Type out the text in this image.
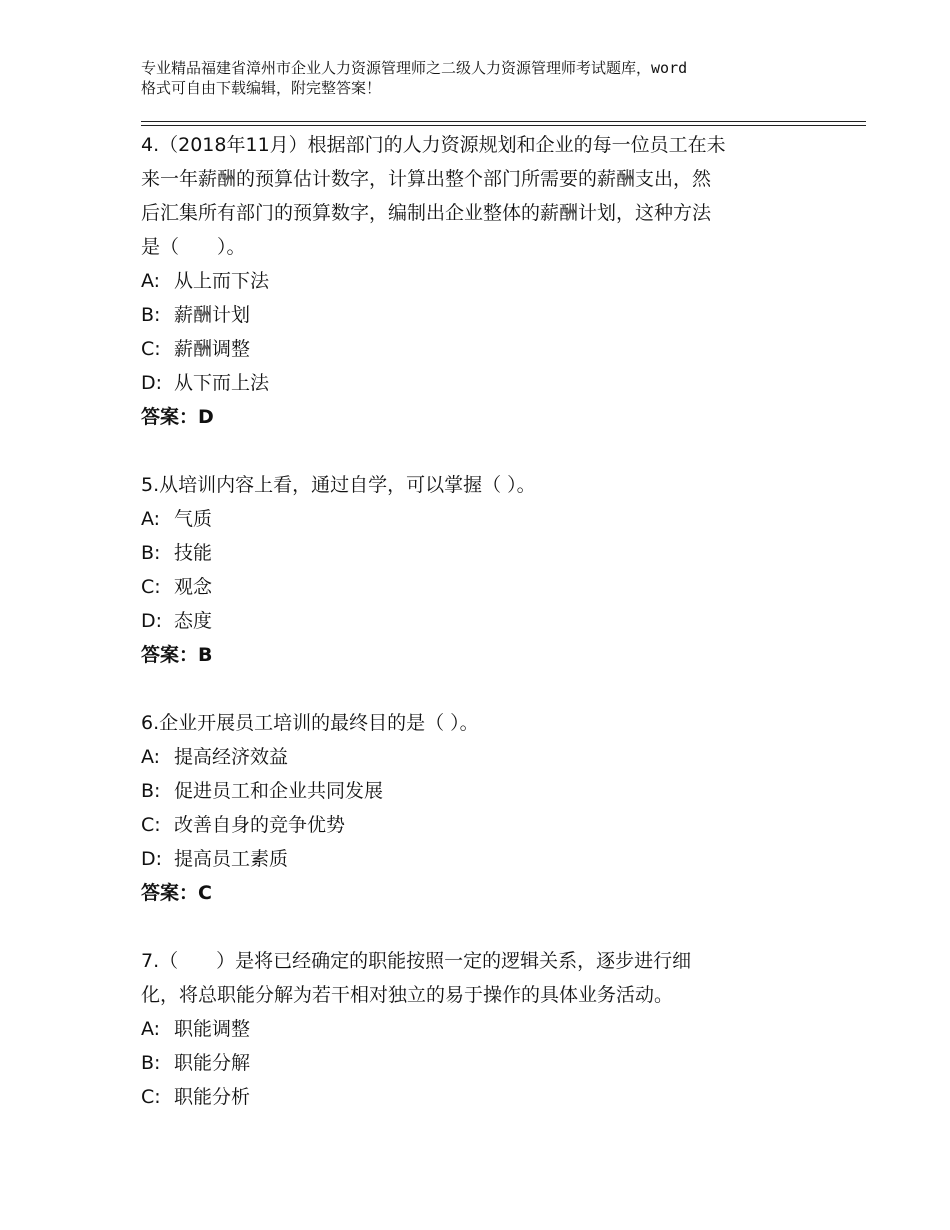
专业精品福建省漳州市企业人力资源管理师之二级人力资源管理师考试题库，word
格式可自由下载编辑，附完整答案！
4.（2018年11月）根据部门的人力资源规划和企业的每一位员工在未
来一年薪酬的预算估计数字，计算出整个部门所需要的薪酬支出，然
后汇集所有部门的预算数字，编制出企业整体的薪酬计划，这种方法
是（　　）。
A: 从上而下法
B: 薪酬计划
C: 薪酬调整
D: 从下而上法
答案：D
5.从培训内容上看，通过自学，可以掌握（ ）。
A: 气质
B: 技能
C: 观念
D: 态度
答案：B
6.企业开展员工培训的最终目的是（ ）。
A: 提高经济效益
B: 促进员工和企业共同发展
C: 改善自身的竞争优势
D: 提高员工素质
答案：C
7.（　　）是将已经确定的职能按照一定的逻辑关系，逐步进行细
化，将总职能分解为若干相对独立的易于操作的具体业务活动。
A: 职能调整
B: 职能分解
C: 职能分析
